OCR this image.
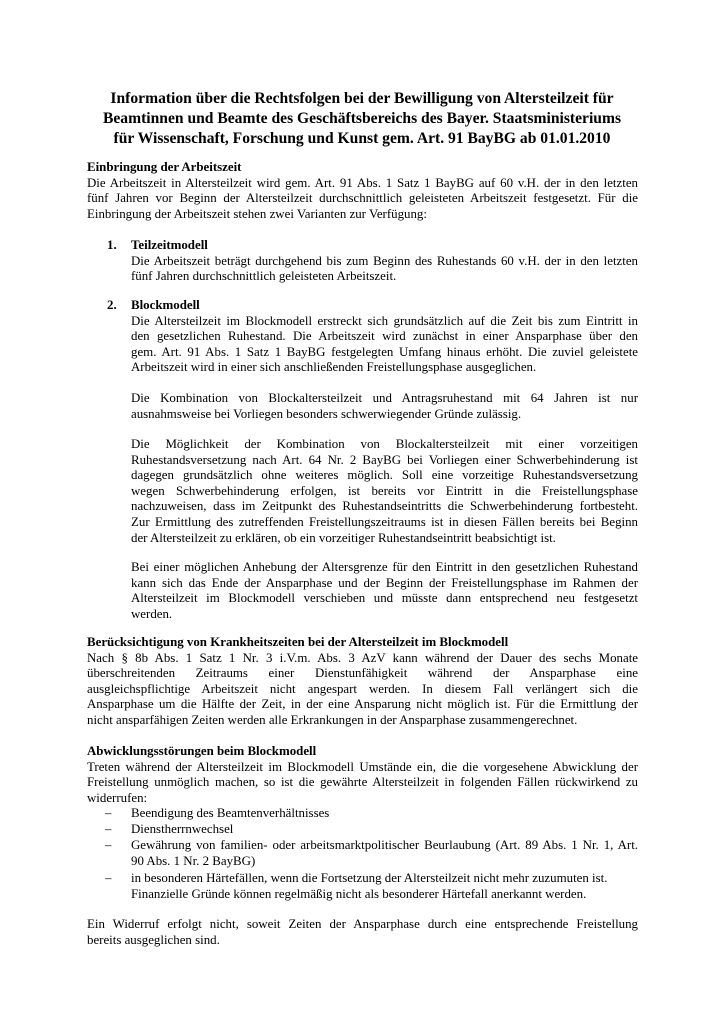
Information über die Rechtsfolgen bei der Bewilligung von Altersteilzeit für
Beamtinnen und Beamte des Geschäftsbereichs des Bayer. Staatsministeriums
für Wissenschaft, Forschung und Kunst gem. Art. 91 BayBG ab 01.01.2010
Einbringung der Arbeitszeit
Die Arbeitszeit in Altersteilzeit wird gem. Art. 91 Abs. 1 Satz 1 BayBG auf 60 v.H. der in den letzten
fünf Jahren vor Beginn der Altersteilzeit durchschnittlich geleisteten Arbeitszeit festgesetzt. Für die
Einbringung der Arbeitszeit stehen zwei Varianten zur Verfügung:
1. Teilzeitmodell
Die Arbeitszeit beträgt durchgehend bis zum Beginn des Ruhestands 60 v.H. der in den letzten
fünf Jahren durchschnittlich geleisteten Arbeitszeit.
2. Blockmodell
Die Altersteilzeit im Blockmodell erstreckt sich grundsätzlich auf die Zeit bis zum Eintritt in
den gesetzlichen Ruhestand. Die Arbeitszeit wird zunächst in einer Ansparphase über den
gem. Art. 91 Abs. 1 Satz 1 BayBG festgelegten Umfang hinaus erhöht. Die zuviel geleistete
Arbeitszeit wird in einer sich anschließenden Freistellungsphase ausgeglichen.
Die Kombination von Blockaltersteilzeit und Antragsruhestand mit 64 Jahren ist nur
ausnahmsweise bei Vorliegen besonders schwerwiegender Gründe zulässig.
Die Möglichkeit der Kombination von Blockaltersteilzeit mit einer vorzeitigen
Ruhestandsversetzung nach Art. 64 Nr. 2 BayBG bei Vorliegen einer Schwerbehinderung ist
dagegen grundsätzlich ohne weiteres möglich. Soll eine vorzeitige Ruhestandsversetzung
wegen Schwerbehinderung erfolgen, ist bereits vor Eintritt in die Freistellungsphase
nachzuweisen, dass im Zeitpunkt des Ruhestandseintritts die Schwerbehinderung fortbesteht.
Zur Ermittlung des zutreffenden Freistellungszeitraums ist in diesen Fällen bereits bei Beginn
der Altersteilzeit zu erklären, ob ein vorzeitiger Ruhestandseintritt beabsichtigt ist.
Bei einer möglichen Anhebung der Altersgrenze für den Eintritt in den gesetzlichen Ruhestand
kann sich das Ende der Ansparphase und der Beginn der Freistellungsphase im Rahmen der
Altersteilzeit im Blockmodell verschieben und müsste dann entsprechend neu festgesetzt
werden.
Berücksichtigung von Krankheitszeiten bei der Altersteilzeit im Blockmodell
Nach § 8b Abs. 1 Satz 1 Nr. 3 i.V.m. Abs. 3 AzV kann während der Dauer des sechs Monate
überschreitenden Zeitraums einer Dienstunfähigkeit während der Ansparphase eine
ausgleichspflichtige Arbeitszeit nicht angespart werden. In diesem Fall verlängert sich die
Ansparphase um die Hälfte der Zeit, in der eine Ansparung nicht möglich ist. Für die Ermittlung der
nicht ansparfähigen Zeiten werden alle Erkrankungen in der Ansparphase zusammengerechnet.
Abwicklungsstörungen beim Blockmodell
Treten während der Altersteilzeit im Blockmodell Umstände ein, die die vorgesehene Abwicklung der
Freistellung unmöglich machen, so ist die gewährte Altersteilzeit in folgenden Fällen rückwirkend zu
widerrufen:
– Beendigung des Beamtenverhältnisses
– Dienstherrnwechsel
– Gewährung von familien- oder arbeitsmarktpolitischer Beurlaubung (Art. 89 Abs. 1 Nr. 1, Art.
90 Abs. 1 Nr. 2 BayBG)
– in besonderen Härtefällen, wenn die Fortsetzung der Altersteilzeit nicht mehr zuzumuten ist.
Finanzielle Gründe können regelmäßig nicht als besonderer Härtefall anerkannt werden.
Ein Widerruf erfolgt nicht, soweit Zeiten der Ansparphase durch eine entsprechende Freistellung
bereits ausgeglichen sind.
